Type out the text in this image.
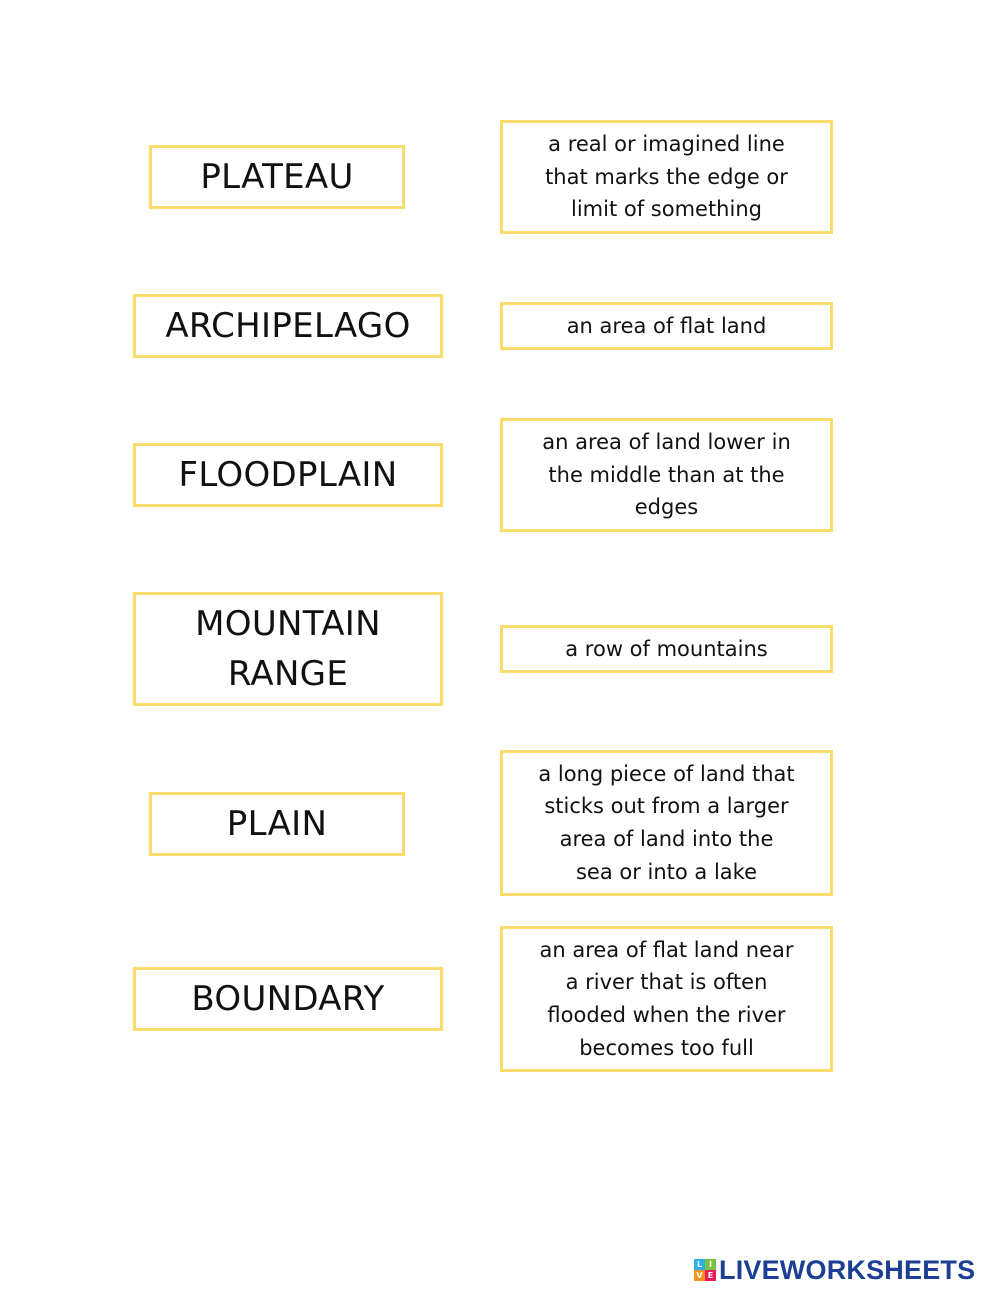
PLATEAU
ARCHIPELAGO
FLOODPLAIN
MOUNTAIN
RANGE
PLAIN
BOUNDARY
a real or imagined line
that marks the edge or
limit of something
an area of flat land
an area of land lower in
the middle than at the
edges
a row of mountains
a long piece of land that
sticks out from a larger
area of land into the
sea or into a lake
an area of flat land near
a river that is often
flooded when the river
becomes too full
L I
V E LIVEWORKSHEETS
